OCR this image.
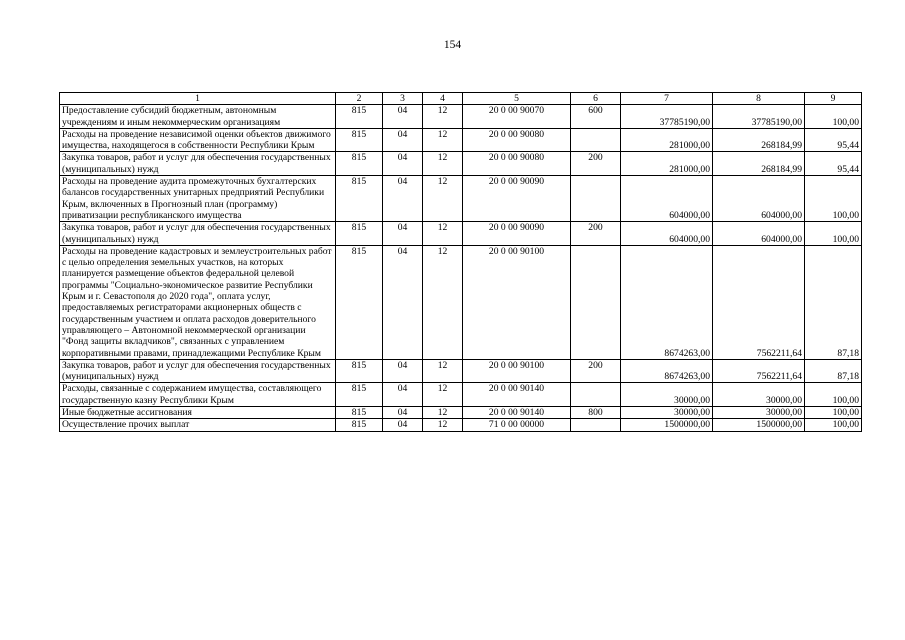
154
1	2	3	4	5	6	7	8	9
Предоставление субсидий бюджетным, автономным учреждениям и иным некоммерческим организациям	815	04	12	20 0 00 90070	600	37785190,00	37785190,00	100,00
Расходы на проведение независимой оценки объектов движимого имущества, находящегося в собственности Республики Крым	815	04	12	20 0 00 90080		281000,00	268184,99	95,44
Закупка товаров, работ и услуг для обеспечения государственных (муниципальных) нужд	815	04	12	20 0 00 90080	200	281000,00	268184,99	95,44
Расходы на проведение аудита промежуточных бухгалтерских балансов государственных унитарных предприятий Республики Крым, включенных в Прогнозный план (программу) приватизации республиканского имущества	815	04	12	20 0 00 90090		604000,00	604000,00	100,00
Закупка товаров, работ и услуг для обеспечения государственных (муниципальных) нужд	815	04	12	20 0 00 90090	200	604000,00	604000,00	100,00
Расходы на проведение кадастровых и землеустроительных работ с целью определения земельных участков, на которых планируется размещение объектов федеральной целевой программы "Социально-экономическое развитие Республики Крым и г. Севастополя до 2020 года", оплата услуг, предоставляемых регистраторами акционерных обществ с государственным участием и оплата расходов доверительного управляющего – Автономной некоммерческой организации "Фонд защиты вкладчиков", связанных с управлением корпоративными правами, принадлежащими Республике Крым	815	04	12	20 0 00 90100		8674263,00	7562211,64	87,18
Закупка товаров, работ и услуг для обеспечения государственных (муниципальных) нужд	815	04	12	20 0 00 90100	200	8674263,00	7562211,64	87,18
Расходы, связанные с содержанием имущества, составляющего государственную казну Республики Крым	815	04	12	20 0 00 90140		30000,00	30000,00	100,00
Иные бюджетные ассигнования	815	04	12	20 0 00 90140	800	30000,00	30000,00	100,00
Осуществление прочих выплат	815	04	12	71 0 00 00000		1500000,00	1500000,00	100,00
